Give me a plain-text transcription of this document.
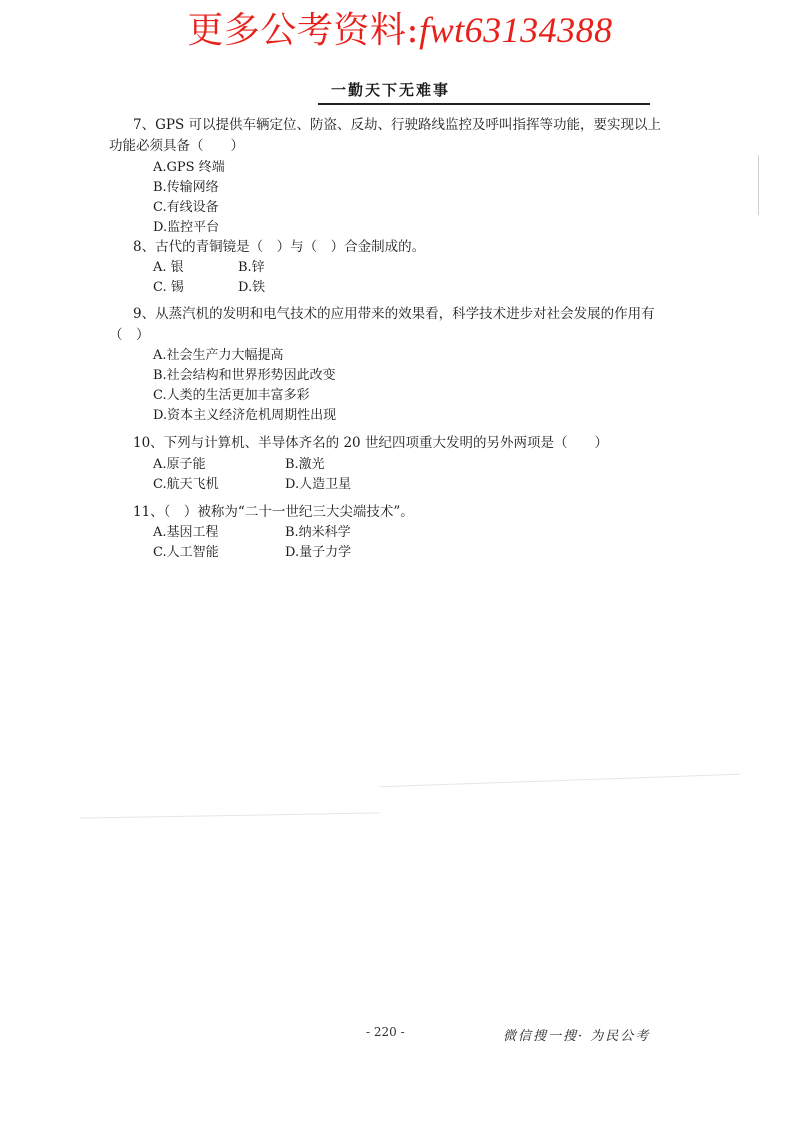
更多公考资料:fwt63134388
一勤天下无难事
7、GPS 可以提供车辆定位、防盗、反劫、行驶路线监控及呼叫指挥等功能，要实现以上功能必须具备（　　）
A.GPS 终端
B.传输网络
C.有线设备
D.监控平台
8、古代的青铜镜是（　）与（　）合金制成的。
A. 银	B.锌
C. 锡	D.铁
9、从蒸汽机的发明和电气技术的应用带来的效果看，科学技术进步对社会发展的作用有（　）
A.社会生产力大幅提高
B.社会结构和世界形势因此改变
C.人类的生活更加丰富多彩
D.资本主义经济危机周期性出现
10、下列与计算机、半导体齐名的 20 世纪四项重大发明的另外两项是（　　）
A.原子能	B.激光
C.航天飞机	D.人造卫星
11、（　）被称为“二十一世纪三大尖端技术”。
A.基因工程	B.纳米科学
C.人工智能	D.量子力学
- 220 -	微信搜一搜· 为民公考
